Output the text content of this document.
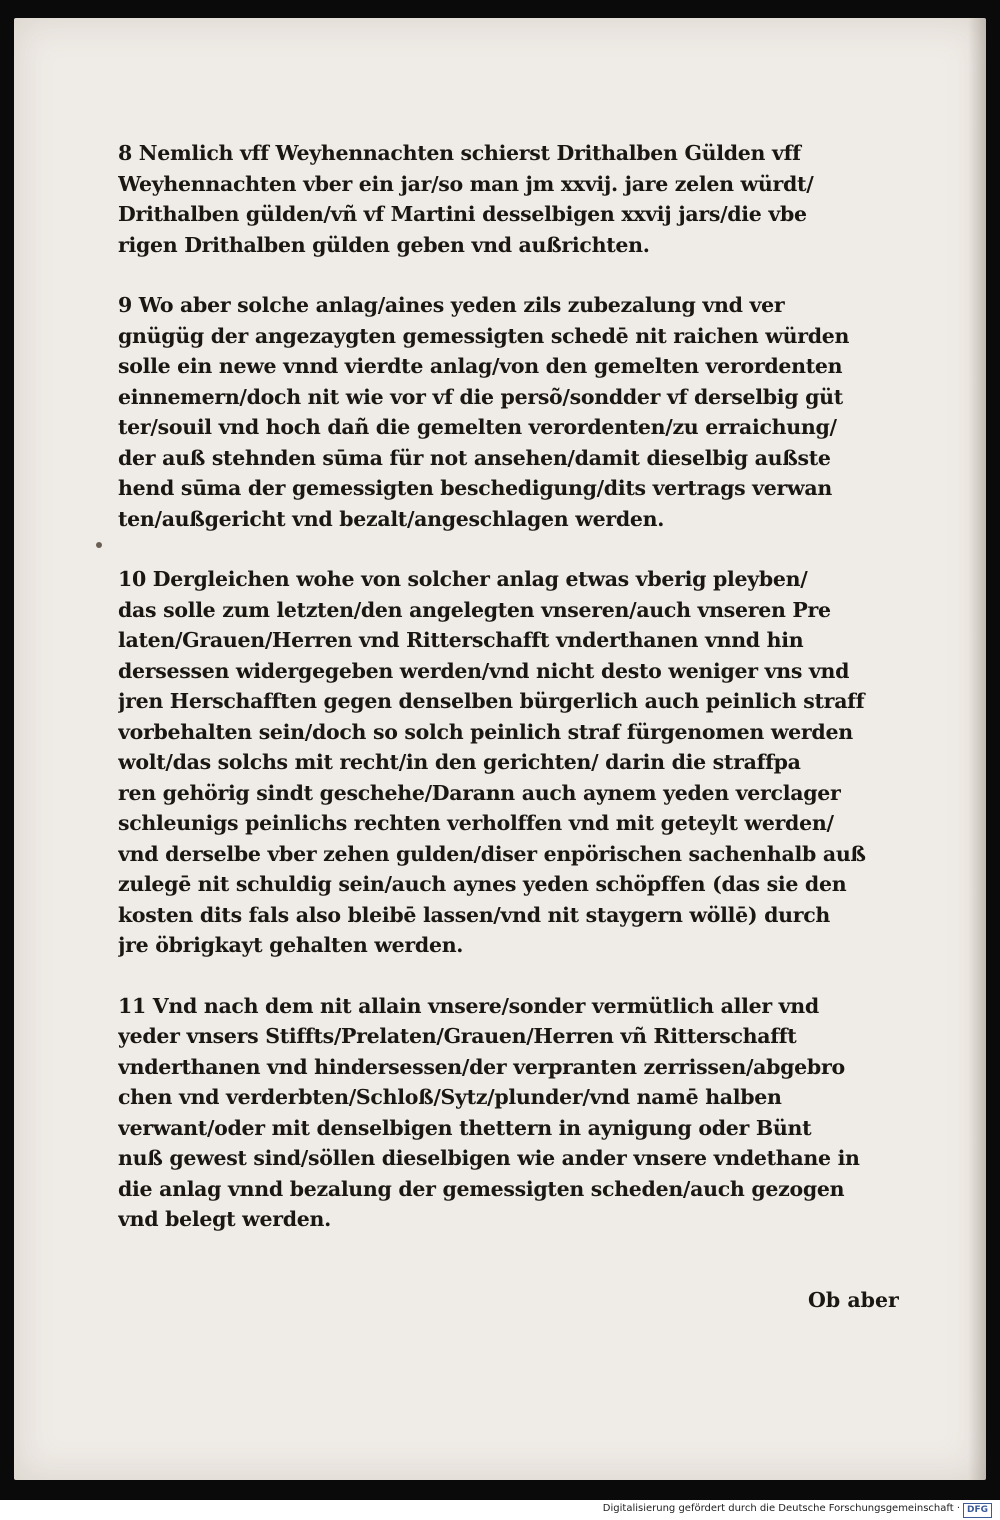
8 Nemlich vff Weyhennachten schierst Drithalben Gülden vff
Weyhennachten vber ein jar/so man jm xxvij. jare zelen würdt/
Drithalben gülden/vñ vf Martini desselbigen xxvij jars/die vbe
rigen Drithalben gülden geben vnd außrichten.
9 Wo aber solche anlag/aines yeden zils zubezalung vnd ver
gnügüg der angezaygten gemessigten schedē nit raichen würden
solle ein newe vnnd vierdte anlag/von den gemelten verordenten
einnemern/doch nit wie vor vf die persõ/sondder vf derselbig güt
ter/souil vnd hoch dañ die gemelten verordenten/zu erraichung/
der auß stehnden sūma für not ansehen/damit dieselbig außste
hend sūma der gemessigten beschedigung/dits vertrags verwan
ten/außgericht vnd bezalt/angeschlagen werden.
10 Dergleichen wohe von solcher anlag etwas vberig pleyben/
das solle zum letzten/den angelegten vnseren/auch vnseren Pre
laten/Grauen/Herren vnd Ritterschafft vnderthanen vnnd hin
dersessen widergegeben werden/vnd nicht desto weniger vns vnd
jren Herschafften gegen denselben bürgerlich auch peinlich straff
vorbehalten sein/doch so solch peinlich straf fürgenomen werden
wolt/das solchs mit recht/in den gerichten/ darin die straffpa
ren gehörig sindt geschehe/Darann auch aynem yeden verclager
schleunigs peinlichs rechten verholffen vnd mit geteylt werden/
vnd derselbe vber zehen gulden/diser enpörischen sachenhalb auß
zulegē nit schuldig sein/auch aynes yeden schöpffen (das sie den
kosten dits fals also bleibē lassen/vnd nit staygern wöllē) durch
jre öbrigkayt gehalten werden.
11 Vnd nach dem nit allain vnsere/sonder vermütlich aller vnd
yeder vnsers Stiffts/Prelaten/Grauen/Herren vñ Ritterschafft
vnderthanen vnd hindersessen/der verpranten zerrissen/abgebro
chen vnd verderbten/Schloß/Sytz/plunder/vnd namē halben
verwant/oder mit denselbigen thettern in aynigung oder Bünt
nuß gewest sind/söllen dieselbigen wie ander vnsere vndethane in
die anlag vnnd bezalung der gemessigten scheden/auch gezogen
vnd belegt werden.
Ob aber
Digitalisierung gefördert durch die Deutsche Forschungsgemeinschaft · DFG
